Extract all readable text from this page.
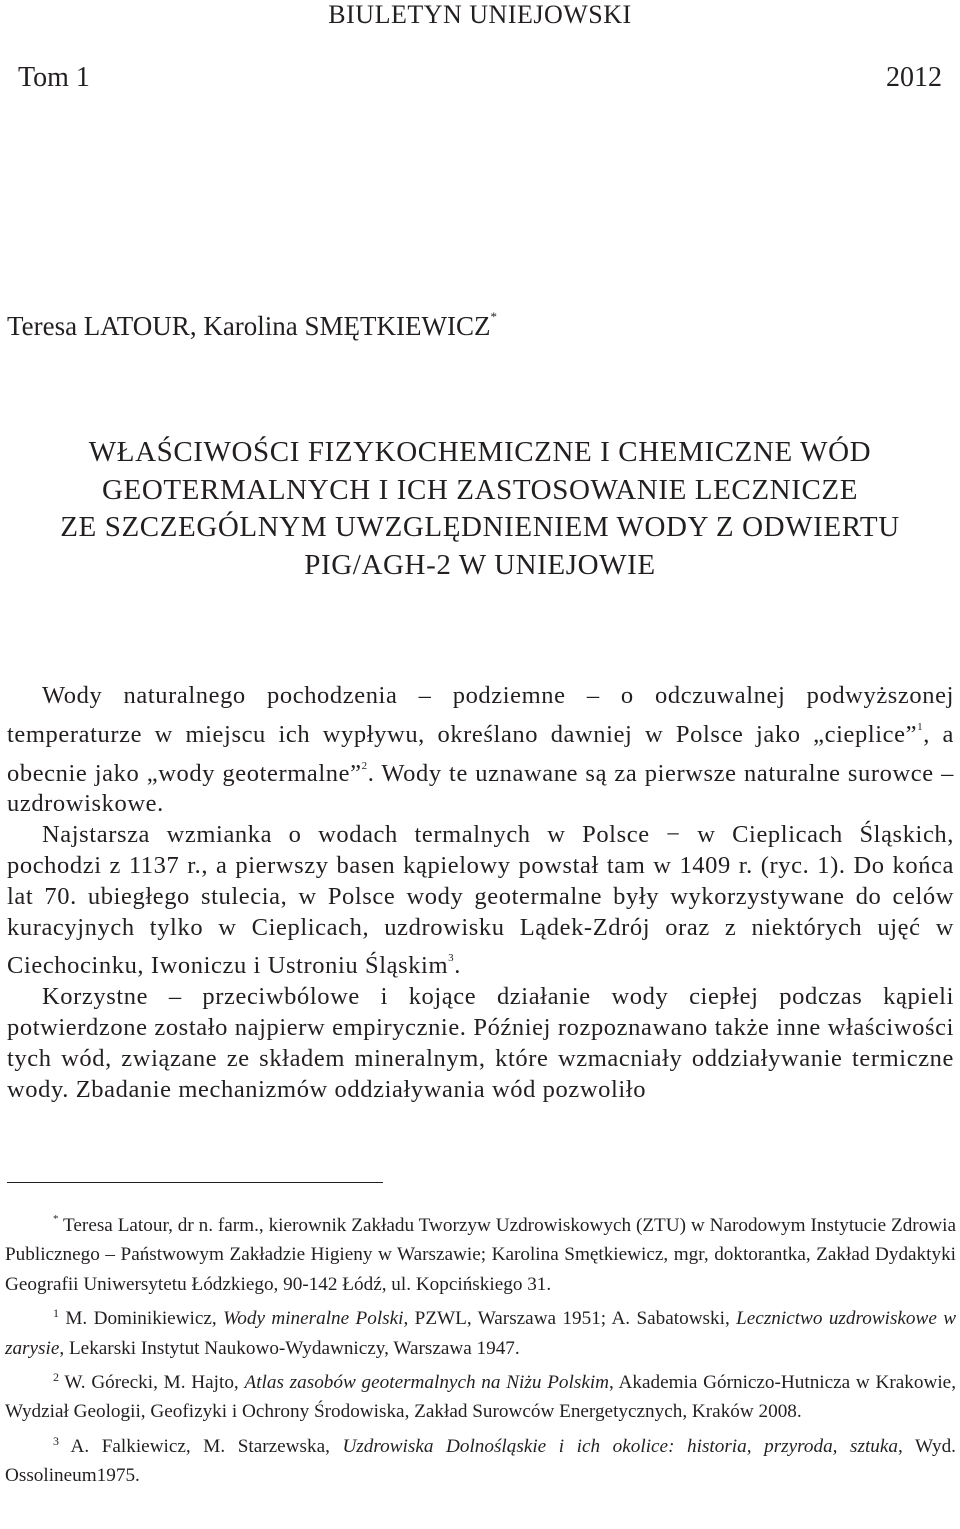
BIULETYN UNIEJOWSKI
Tom 1	2012
Teresa LATOUR, Karolina SMĘTKIEWICZ*
WŁAŚCIWOŚCI FIZYKOCHEMICZNE I CHEMICZNE WÓD
GEOTERMALNYCH I ICH ZASTOSOWANIE LECZNICZE
ZE SZCZEGÓLNYM UWZGLĘDNIENIEM WODY Z ODWIERTU
PIG/AGH-2 W UNIEJOWIE

Wody naturalnego pochodzenia – podziemne – o odczuwalnej podwyższonej temperaturze w miejscu ich wypływu, określano dawniej w Polsce jako „cieplice”$^1$, a obecnie jako „wody geotermalne”$^2$. Wody te uznawane są za pierwsze naturalne surowce – uzdrowiskowe.

Najstarsza wzmianka o wodach termalnych w Polsce − w Cieplicach Śląskich, pochodzi z 1137 r., a pierwszy basen kąpielowy powstał tam w 1409 r. (ryc. 1). Do końca lat 70. ubiegłego stulecia, w Polsce wody geotermalne były wykorzystywane do celów kuracyjnych tylko w Cieplicach, uzdrowisku Lądek-Zdrój oraz z niektórych ujęć w Ciechocinku, Iwoniczu i Ustroniu Śląskim$^3$.

Korzystne – przeciwbólowe i kojące działanie wody ciepłej podczas kąpieli potwierdzone zostało najpierw empirycznie. Później rozpoznawano także inne właściwości tych wód, związane ze składem mineralnym, które wzmacniały oddziaływanie termiczne wody. Zbadanie mechanizmów oddziaływania wód pozwoliło

* Teresa Latour, dr n. farm., kierownik Zakładu Tworzyw Uzdrowiskowych (ZTU) w Narodowym Instytucie Zdrowia Publicznego – Państwowym Zakładzie Higieny w Warszawie; Karolina Smętkiewicz, mgr, doktorantka, Zakład Dydaktyki Geografii Uniwersytetu Łódzkiego, 90-142 Łódź, ul. Kopcińskiego 31.

$^1$ M. Dominikiewicz, Wody mineralne Polski, PZWL, Warszawa 1951; A. Sabatowski, Lecznictwo uzdrowiskowe w zarysie, Lekarski Instytut Naukowo-Wydawniczy, Warszawa 1947.

$^2$ W. Górecki, M. Hajto, Atlas zasobów geotermalnych na Niżu Polskim, Akademia Górniczo-Hutnicza w Krakowie, Wydział Geologii, Geofizyki i Ochrony Środowiska, Zakład Surowców Energetycznych, Kraków 2008.

$^3$ A. Falkiewicz, M. Starzewska, Uzdrowiska Dolnośląskie i ich okolice: historia, przyroda, sztuka, Wyd. Ossolineum1975.
